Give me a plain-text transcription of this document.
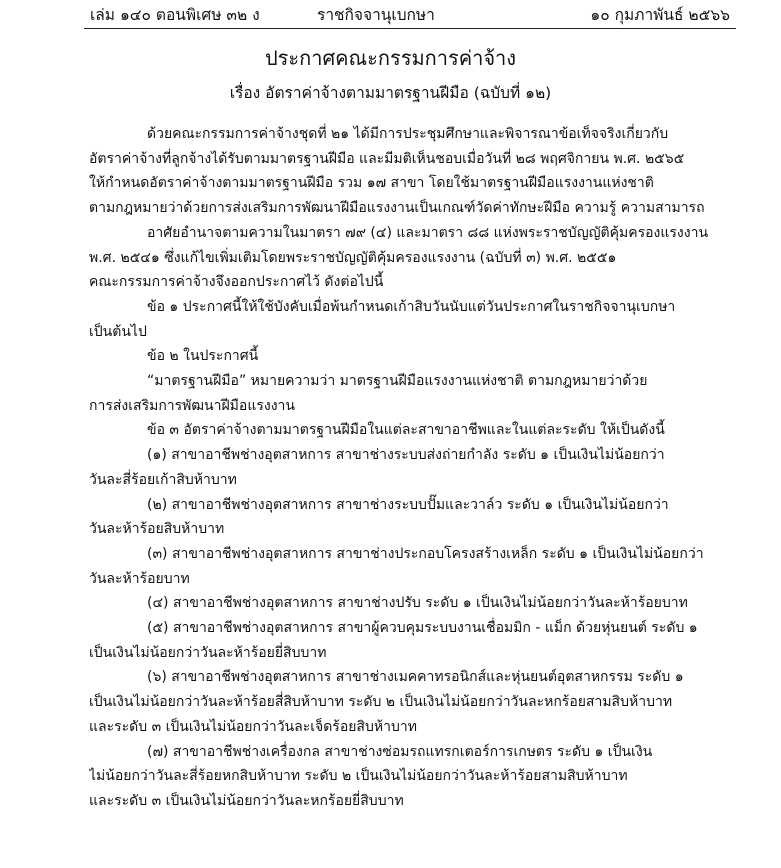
เล่ม ๑๔๐ ตอนพิเศษ ๓๒ ง	ราชกิจจานุเบกษา	๑๐ กุมภาพันธ์ ๒๕๖๖
ประกาศคณะกรรมการค่าจ้าง
เรื่อง อัตราค่าจ้างตามมาตรฐานฝีมือ (ฉบับที่ ๑๒)

ด้วยคณะกรรมการค่าจ้างชุดที่ ๒๑ ได้มีการประชุมศึกษาและพิจารณาข้อเท็จจริงเกี่ยวกับ

อัตราค่าจ้างที่ลูกจ้างได้รับตามมาตรฐานฝีมือ และมีมติเห็นชอบเมื่อวันที่ ๒๘ พฤศจิกายน พ.ศ. ๒๕๖๕

ให้กำหนดอัตราค่าจ้างตามมาตรฐานฝีมือ รวม ๑๗ สาขา โดยใช้มาตรฐานฝีมือแรงงานแห่งชาติ

ตามกฎหมายว่าด้วยการส่งเสริมการพัฒนาฝีมือแรงงานเป็นเกณฑ์วัดค่าทักษะฝีมือ ความรู้ ความสามารถ

อาศัยอำนาจตามความในมาตรา ๗๙ (๔) และมาตรา ๘๘ แห่งพระราชบัญญัติคุ้มครองแรงงาน

พ.ศ. ๒๕๔๑ ซึ่งแก้ไขเพิ่มเติมโดยพระราชบัญญัติคุ้มครองแรงงาน (ฉบับที่ ๓) พ.ศ. ๒๕๕๑

คณะกรรมการค่าจ้างจึงออกประกาศไว้ ดังต่อไปนี้

ข้อ ๑ ประกาศนี้ให้ใช้บังคับเมื่อพ้นกำหนดเก้าสิบวันนับแต่วันประกาศในราชกิจจานุเบกษา

เป็นต้นไป

ข้อ ๒ ในประกาศนี้

“มาตรฐานฝีมือ” หมายความว่า มาตรฐานฝีมือแรงงานแห่งชาติ ตามกฎหมายว่าด้วย

การส่งเสริมการพัฒนาฝีมือแรงงาน

ข้อ ๓ อัตราค่าจ้างตามมาตรฐานฝีมือในแต่ละสาขาอาชีพและในแต่ละระดับ ให้เป็นดังนี้

(๑) สาขาอาชีพช่างอุตสาหการ สาขาช่างระบบส่งถ่ายกำลัง ระดับ ๑ เป็นเงินไม่น้อยกว่า

วันละสี่ร้อยเก้าสิบห้าบาท

(๒) สาขาอาชีพช่างอุตสาหการ สาขาช่างระบบปั๊มและวาล์ว ระดับ ๑ เป็นเงินไม่น้อยกว่า

วันละห้าร้อยสิบห้าบาท

(๓) สาขาอาชีพช่างอุตสาหการ สาขาช่างประกอบโครงสร้างเหล็ก ระดับ ๑ เป็นเงินไม่น้อยกว่า

วันละห้าร้อยบาท

(๔) สาขาอาชีพช่างอุตสาหการ สาขาช่างปรับ ระดับ ๑ เป็นเงินไม่น้อยกว่าวันละห้าร้อยบาท

(๕) สาขาอาชีพช่างอุตสาหการ สาขาผู้ควบคุมระบบงานเชื่อมมิก - แม็ก ด้วยหุ่นยนต์ ระดับ ๑

เป็นเงินไม่น้อยกว่าวันละห้าร้อยยี่สิบบาท

(๖) สาขาอาชีพช่างอุตสาหการ สาขาช่างเมคคาทรอนิกส์และหุ่นยนต์อุตสาหกรรม ระดับ ๑

เป็นเงินไม่น้อยกว่าวันละห้าร้อยสี่สิบห้าบาท ระดับ ๒ เป็นเงินไม่น้อยกว่าวันละหกร้อยสามสิบห้าบาท

และระดับ ๓ เป็นเงินไม่น้อยกว่าวันละเจ็ดร้อยสิบห้าบาท

(๗) สาขาอาชีพช่างเครื่องกล สาขาช่างซ่อมรถแทรกเตอร์การเกษตร ระดับ ๑ เป็นเงิน

ไม่น้อยกว่าวันละสี่ร้อยหกสิบห้าบาท ระดับ ๒ เป็นเงินไม่น้อยกว่าวันละห้าร้อยสามสิบห้าบาท

และระดับ ๓ เป็นเงินไม่น้อยกว่าวันละหกร้อยยี่สิบบาท
